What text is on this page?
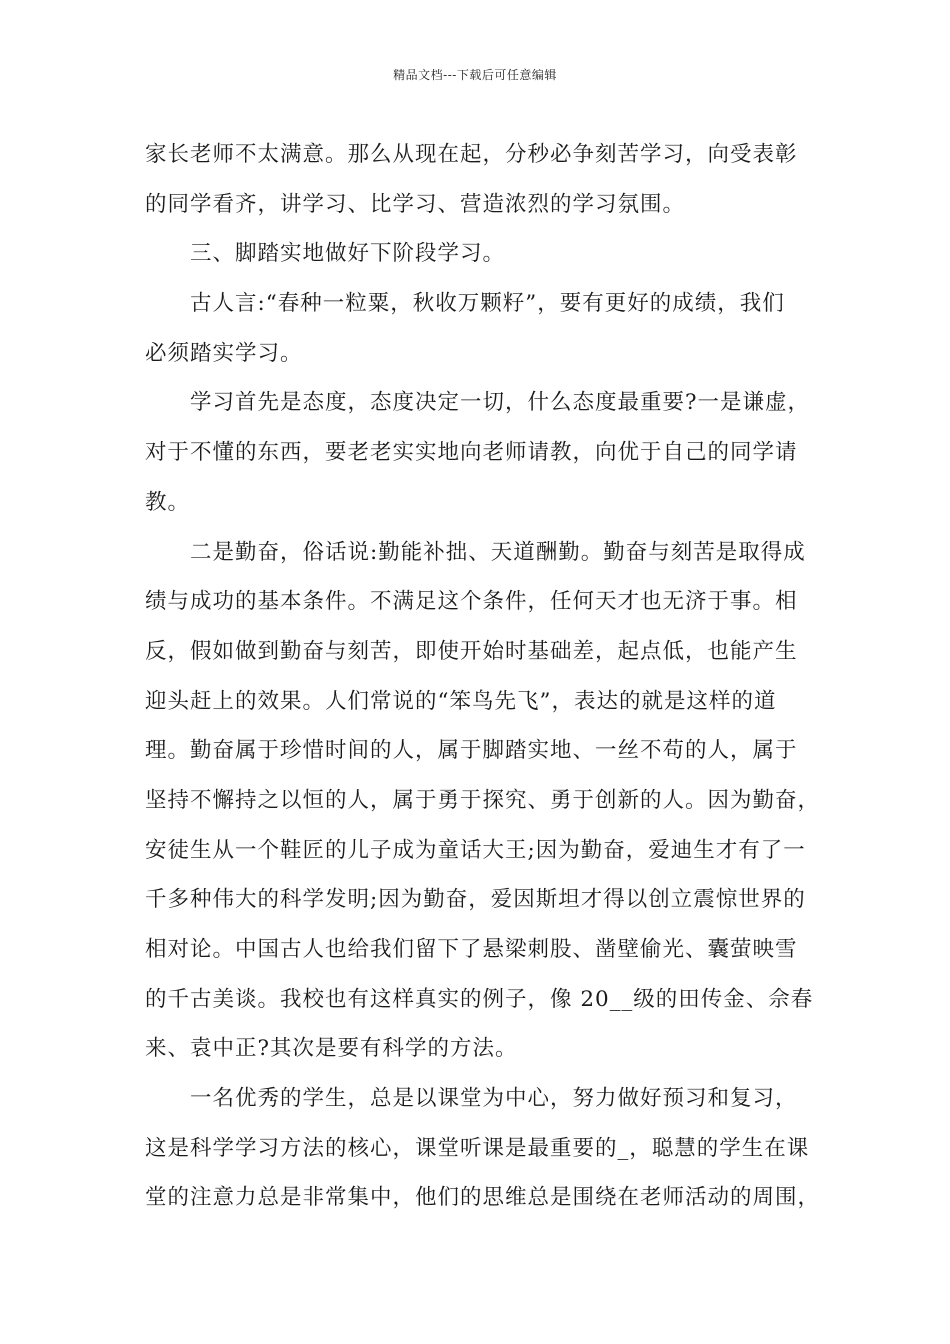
精品文档---下载后可任意编辑
家长老师不太满意。那么从现在起，分秒必争刻苦学习，向受表彰
的同学看齐，讲学习、比学习、营造浓烈的学习氛围。
　　三、脚踏实地做好下阶段学习。
　　古人言:“春种一粒粟，秋收万颗籽”，要有更好的成绩，我们
必须踏实学习。
　　学习首先是态度，态度决定一切，什么态度最重要?一是谦虚，
对于不懂的东西，要老老实实地向老师请教，向优于自己的同学请
教。
　　二是勤奋，俗话说:勤能补拙、天道酬勤。勤奋与刻苦是取得成
绩与成功的基本条件。不满足这个条件，任何天才也无济于事。相
反，假如做到勤奋与刻苦，即使开始时基础差，起点低，也能产生
迎头赶上的效果。人们常说的“笨鸟先飞”，表达的就是这样的道
理。勤奋属于珍惜时间的人，属于脚踏实地、一丝不苟的人，属于
坚持不懈持之以恒的人，属于勇于探究、勇于创新的人。因为勤奋，
安徒生从一个鞋匠的儿子成为童话大王;因为勤奋，爱迪生才有了一
千多种伟大的科学发明;因为勤奋，爱因斯坦才得以创立震惊世界的
相对论。中国古人也给我们留下了悬梁刺股、凿壁偷光、囊萤映雪
的千古美谈。我校也有这样真实的例子，像 20__级的田传金、佘春
来、袁中正?其次是要有科学的方法。
　　一名优秀的学生，总是以课堂为中心，努力做好预习和复习，
这是科学学习方法的核心，课堂听课是最重要的_，聪慧的学生在课
堂的注意力总是非常集中，他们的思维总是围绕在老师活动的周围，
